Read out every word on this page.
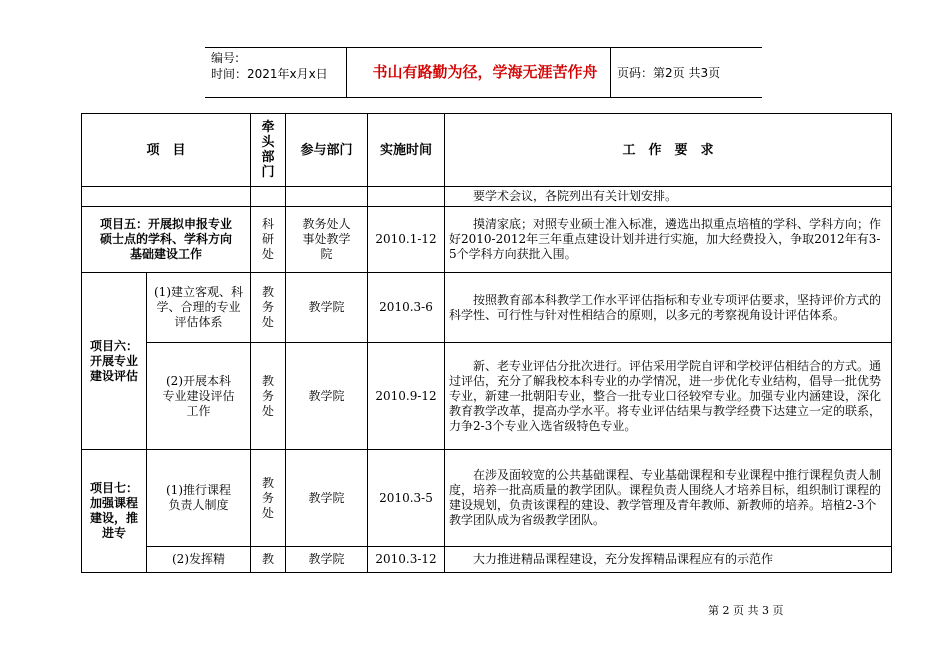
编号:
时间：2021年x月x日	书山有路勤为径，学海无涯苦作舟	页码：第2页 共3页
项　目		牵头部门	参与部门	实施时间	工　作　要　求
					要学术会议，各院列出有关计划安排。
项目五：开展拟申报专业硕士点的学科、学科方向基础建设工作		科研处	教务处人事处教学院	2010.1-12	摸清家底；对照专业硕士准入标准，遴选出拟重点培植的学科、学科方向；作好2010-2012年三年重点建设计划并进行实施，加大经费投入，争取2012年有3-5个学科方向获批入围。
项目六：开展专业建设评估	(1)建立客观、科学、合理的专业评估体系	教务处	教学院	2010.3-6	按照教育部本科教学工作水平评估指标和专业专项评估要求，坚持评价方式的科学性、可行性与针对性相结合的原则，以多元的考察视角设计评估体系。
	(2)开展本科专业建设评估工作	教务处	教学院	2010.9-12	新、老专业评估分批次进行。评估采用学院自评和学校评估相结合的方式。通过评估，充分了解我校本科专业的办学情况，进一步优化专业结构，倡导一批优势专业，新建一批朝阳专业，整合一批专业口径较窄专业。加强专业内涵建设，深化教育教学改革，提高办学水平。将专业评估结果与教学经费下达建立一定的联系，力争2-3个专业入选省级特色专业。
项目七：加强课程建设，推进专	(1)推行课程负责人制度	教务处	教学院	2010.3-5	在涉及面较宽的公共基础课程、专业基础课程和专业课程中推行课程负责人制度，培养一批高质量的教学团队。课程负责人围绕人才培养目标，组织制订课程的建设规划，负责该课程的建设、教学管理及青年教师、新教师的培养。培植2-3个教学团队成为省级教学团队。
	(2)发挥精	教	教学院	2010.3-12	大力推进精品课程建设，充分发挥精品课程应有的示范作
第 2 页 共 3 页
